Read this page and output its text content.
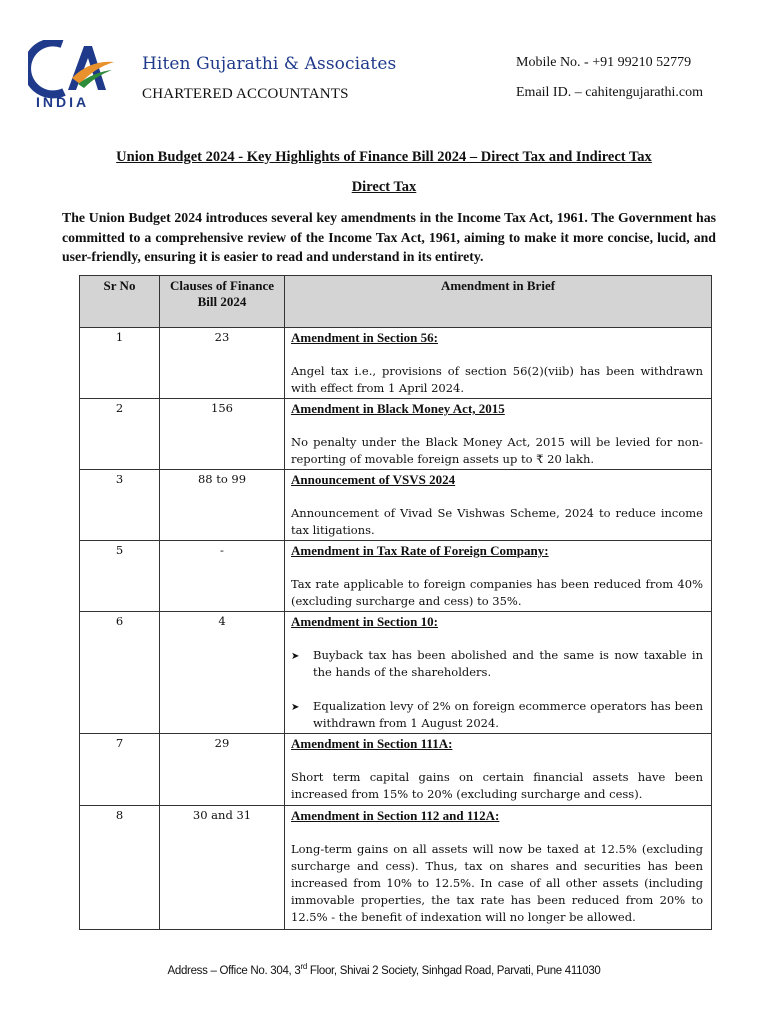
INDIA
Hiten Gujarathi & Associates
CHARTERED ACCOUNTANTS
Mobile No. - +91 99210 52779
Email ID. – cahitengujarathi.com
Union Budget 2024 - Key Highlights of Finance Bill 2024 – Direct Tax and Indirect Tax
Direct Tax
The Union Budget 2024 introduces several key amendments in the Income Tax Act, 1961. The Government has committed to a comprehensive review of the Income Tax Act, 1961, aiming to make it more concise, lucid, and user-friendly, ensuring it is easier to read and understand in its entirety.
Sr No	Clauses of Finance Bill 2024	Amendment in Brief
1	23	Amendment in Section 56:
Angel tax i.e., provisions of section 56(2)(viib) has been withdrawn with effect from 1 April 2024.

2	156	Amendment in Black Money Act, 2015
No penalty under the Black Money Act, 2015 will be levied for non-reporting of movable foreign assets up to ₹ 20 lakh.

3	88 to 99	Announcement of VSVS 2024
Announcement of Vivad Se Vishwas Scheme, 2024 to reduce income tax litigations.

5	-	Amendment in Tax Rate of Foreign Company:
Tax rate applicable to foreign companies has been reduced from 40% (excluding surcharge and cess) to 35%.

6	4	Amendment in Section 10:
➤ Buyback tax has been abolished and the same is now taxable in the hands of the shareholders.
➤ Equalization levy of 2% on foreign ecommerce operators has been withdrawn from 1 August 2024.

7	29	Amendment in Section 111A:
Short term capital gains on certain financial assets have been increased from 15% to 20% (excluding surcharge and cess).

8	30 and 31	Amendment in Section 112 and 112A:
Long-term gains on all assets will now be taxed at 12.5% (excluding surcharge and cess). Thus, tax on shares and securities has been increased from 10% to 12.5%. In case of all other assets (including immovable properties, the tax rate has been reduced from 20% to 12.5% - the benefit of indexation will no longer be allowed.
Address – Office No. 304, 3rd Floor, Shivai 2 Society, Sinhgad Road, Parvati, Pune 411030
